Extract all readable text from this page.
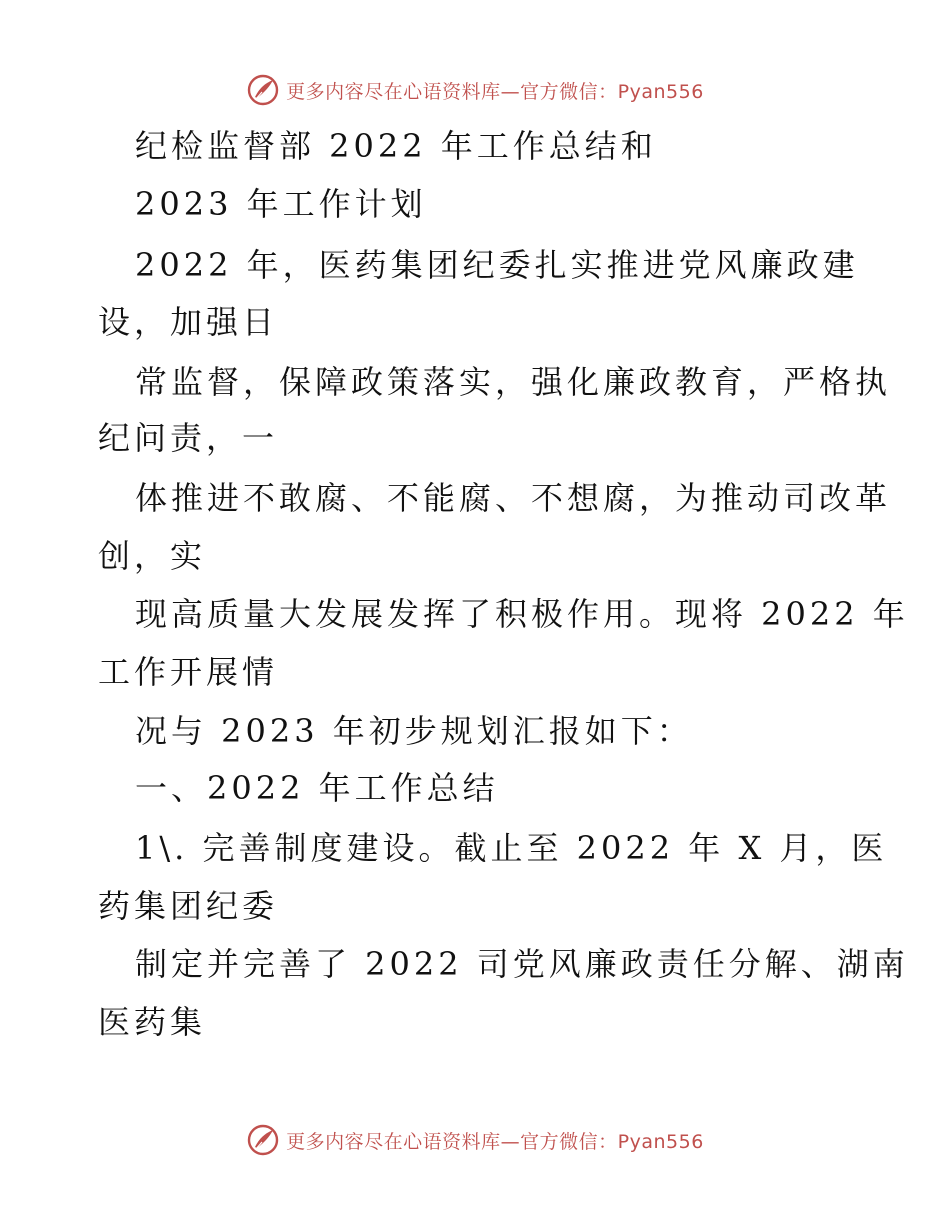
更多内容尽在心语资料库—官方微信：Pyan556
纪检监督部 2022 年工作总结和
2023 年工作计划
2022 年，医药集团纪委扎实推进党风廉政建
设，加强日
常监督，保障政策落实，强化廉政教育，严格执
纪问责，一
体推进不敢腐、不能腐、不想腐，为推动司改革
创，实
现高质量大发展发挥了积极作用。现将 2022 年
工作开展情
况与 2023 年初步规划汇报如下：
一、2022 年工作总结
1\. 完善制度建设。截止至 2022 年 X 月，医
药集团纪委
制定并完善了 2022 司党风廉政责任分解、湖南
医药集
更多内容尽在心语资料库—官方微信：Pyan556
